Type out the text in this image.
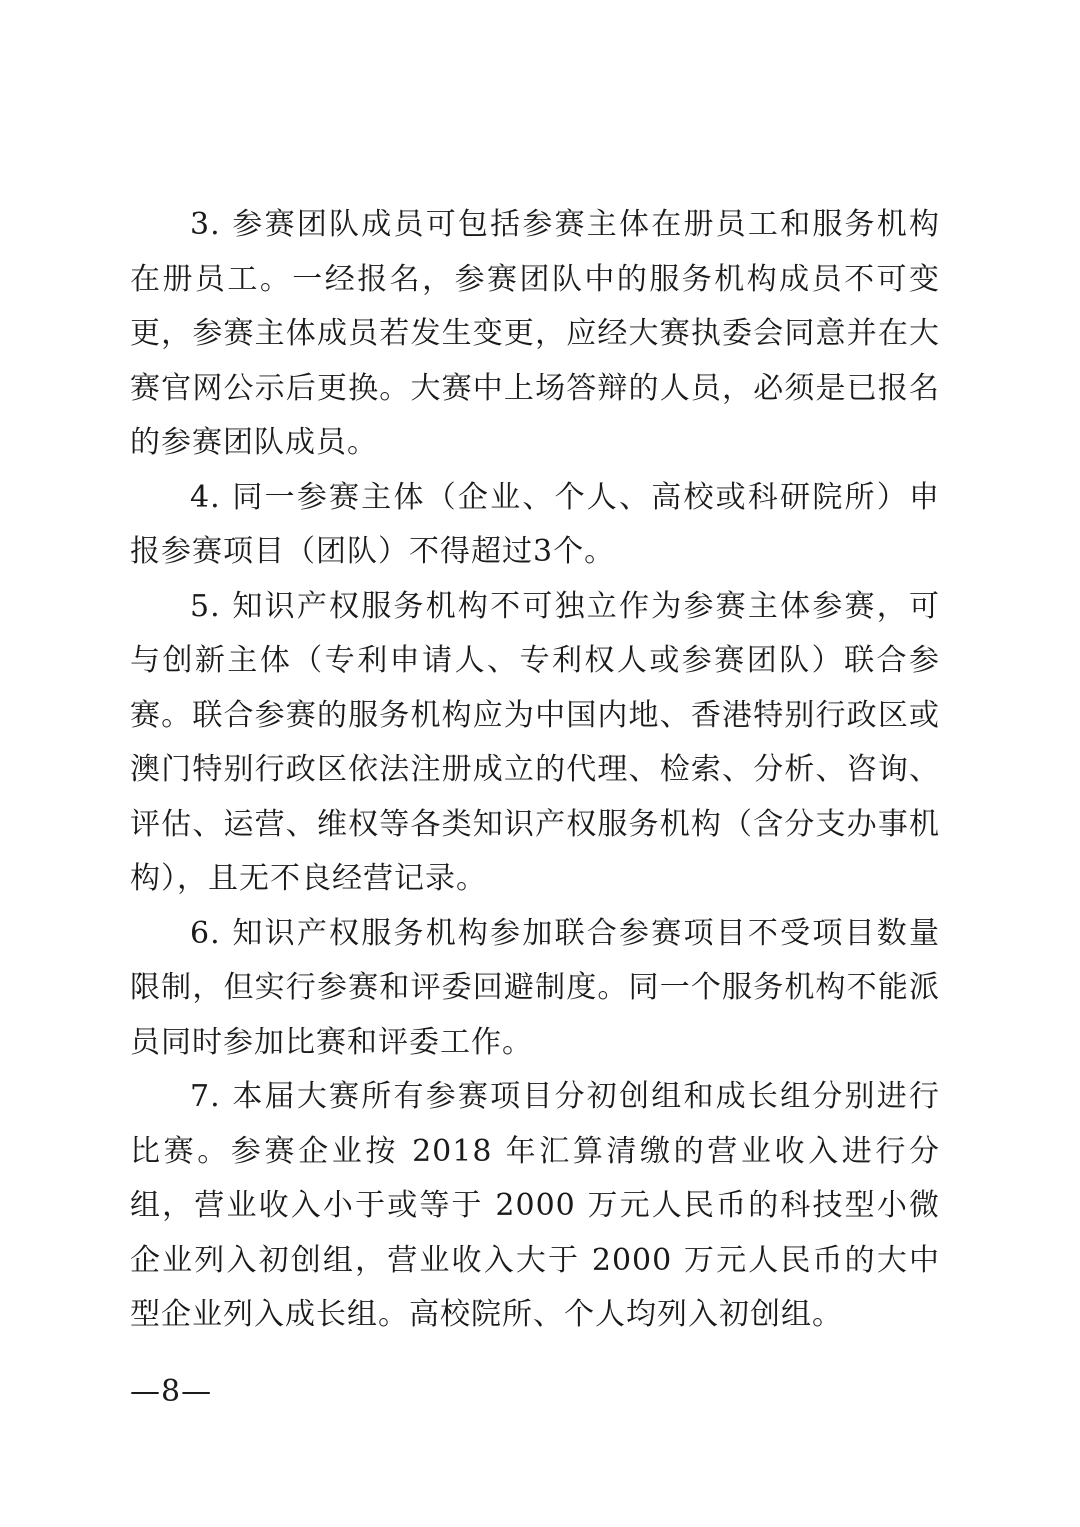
3. 参赛团队成员可包括参赛主体在册员工和服务机构在册员工。一经报名，参赛团队中的服务机构成员不可变更，参赛主体成员若发生变更，应经大赛执委会同意并在大赛官网公示后更换。大赛中上场答辩的人员，必须是已报名的参赛团队成员。

4. 同一参赛主体（企业、个人、高校或科研院所）申报参赛项目（团队）不得超过3个。

5. 知识产权服务机构不可独立作为参赛主体参赛，可与创新主体（专利申请人、专利权人或参赛团队）联合参赛。联合参赛的服务机构应为中国内地、香港特别行政区或澳门特别行政区依法注册成立的代理、检索、分析、咨询、评估、运营、维权等各类知识产权服务机构（含分支办事机构），且无不良经营记录。

6. 知识产权服务机构参加联合参赛项目不受项目数量限制，但实行参赛和评委回避制度。同一个服务机构不能派员同时参加比赛和评委工作。

7. 本届大赛所有参赛项目分初创组和成长组分别进行比赛。参赛企业按 2018 年汇算清缴的营业收入进行分组，营业收入小于或等于 2000 万元人民币的科技型小微企业列入初创组，营业收入大于 2000 万元人民币的大中型企业列入成长组。高校院所、个人均列入初创组。

—8—
